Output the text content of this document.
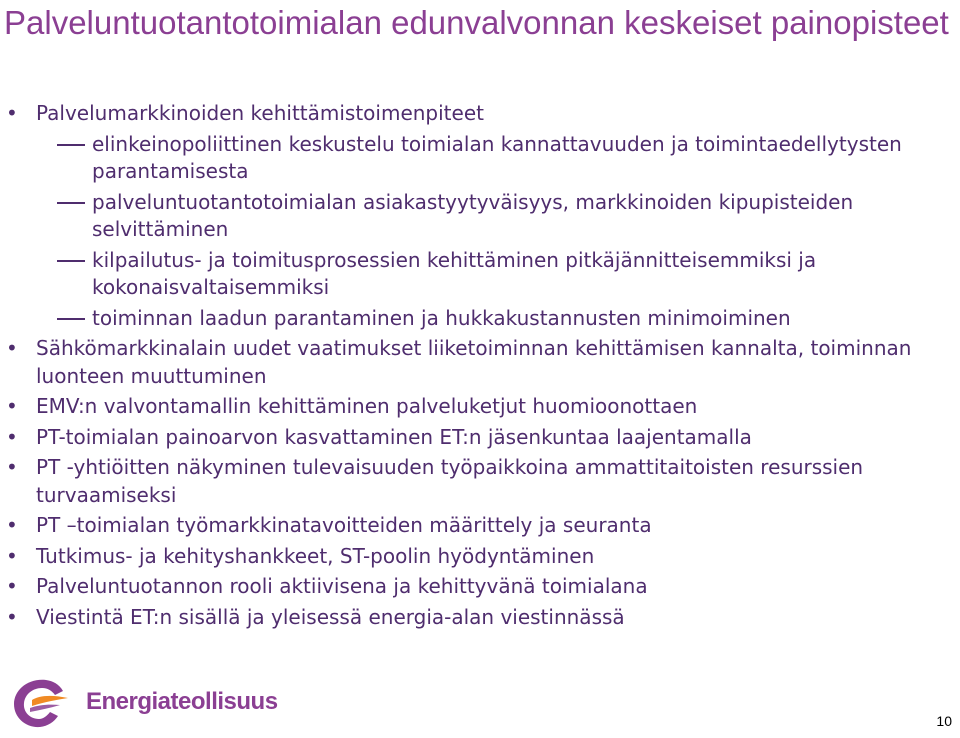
Palveluntuotantotoimialan edunvalvonnan keskeiset painopisteet
• Palvelumarkkinoiden kehittämistoimenpiteet
elinkeinopoliittinen keskustelu toimialan kannattavuuden ja toimintaedellytysten parantamisesta
palveluntuotantotoimialan asiakastyytyväisyys, markkinoiden kipupisteiden selvittäminen
kilpailutus- ja toimitusprosessien kehittäminen pitkäjännitteisemmiksi ja kokonaisvaltaisemmiksi
toiminnan laadun parantaminen ja hukkakustannusten minimoiminen
• Sähkömarkkinalain uudet vaatimukset liiketoiminnan kehittämisen kannalta, toiminnan luonteen muuttuminen
• EMV:n valvontamallin kehittäminen palveluketjut huomioonottaen
• PT-toimialan painoarvon kasvattaminen ET:n jäsenkuntaa laajentamalla
• PT -yhtiöitten näkyminen tulevaisuuden työpaikkoina ammattitaitoisten resurssien turvaamiseksi
• PT –toimialan työmarkkinatavoitteiden määrittely ja seuranta
• Tutkimus- ja kehityshankkeet, ST-poolin hyödyntäminen
• Palveluntuotannon rooli aktiivisena ja kehittyvänä toimialana
• Viestintä ET:n sisällä ja yleisessä energia-alan viestinnässä
Energiateollisuus
10
